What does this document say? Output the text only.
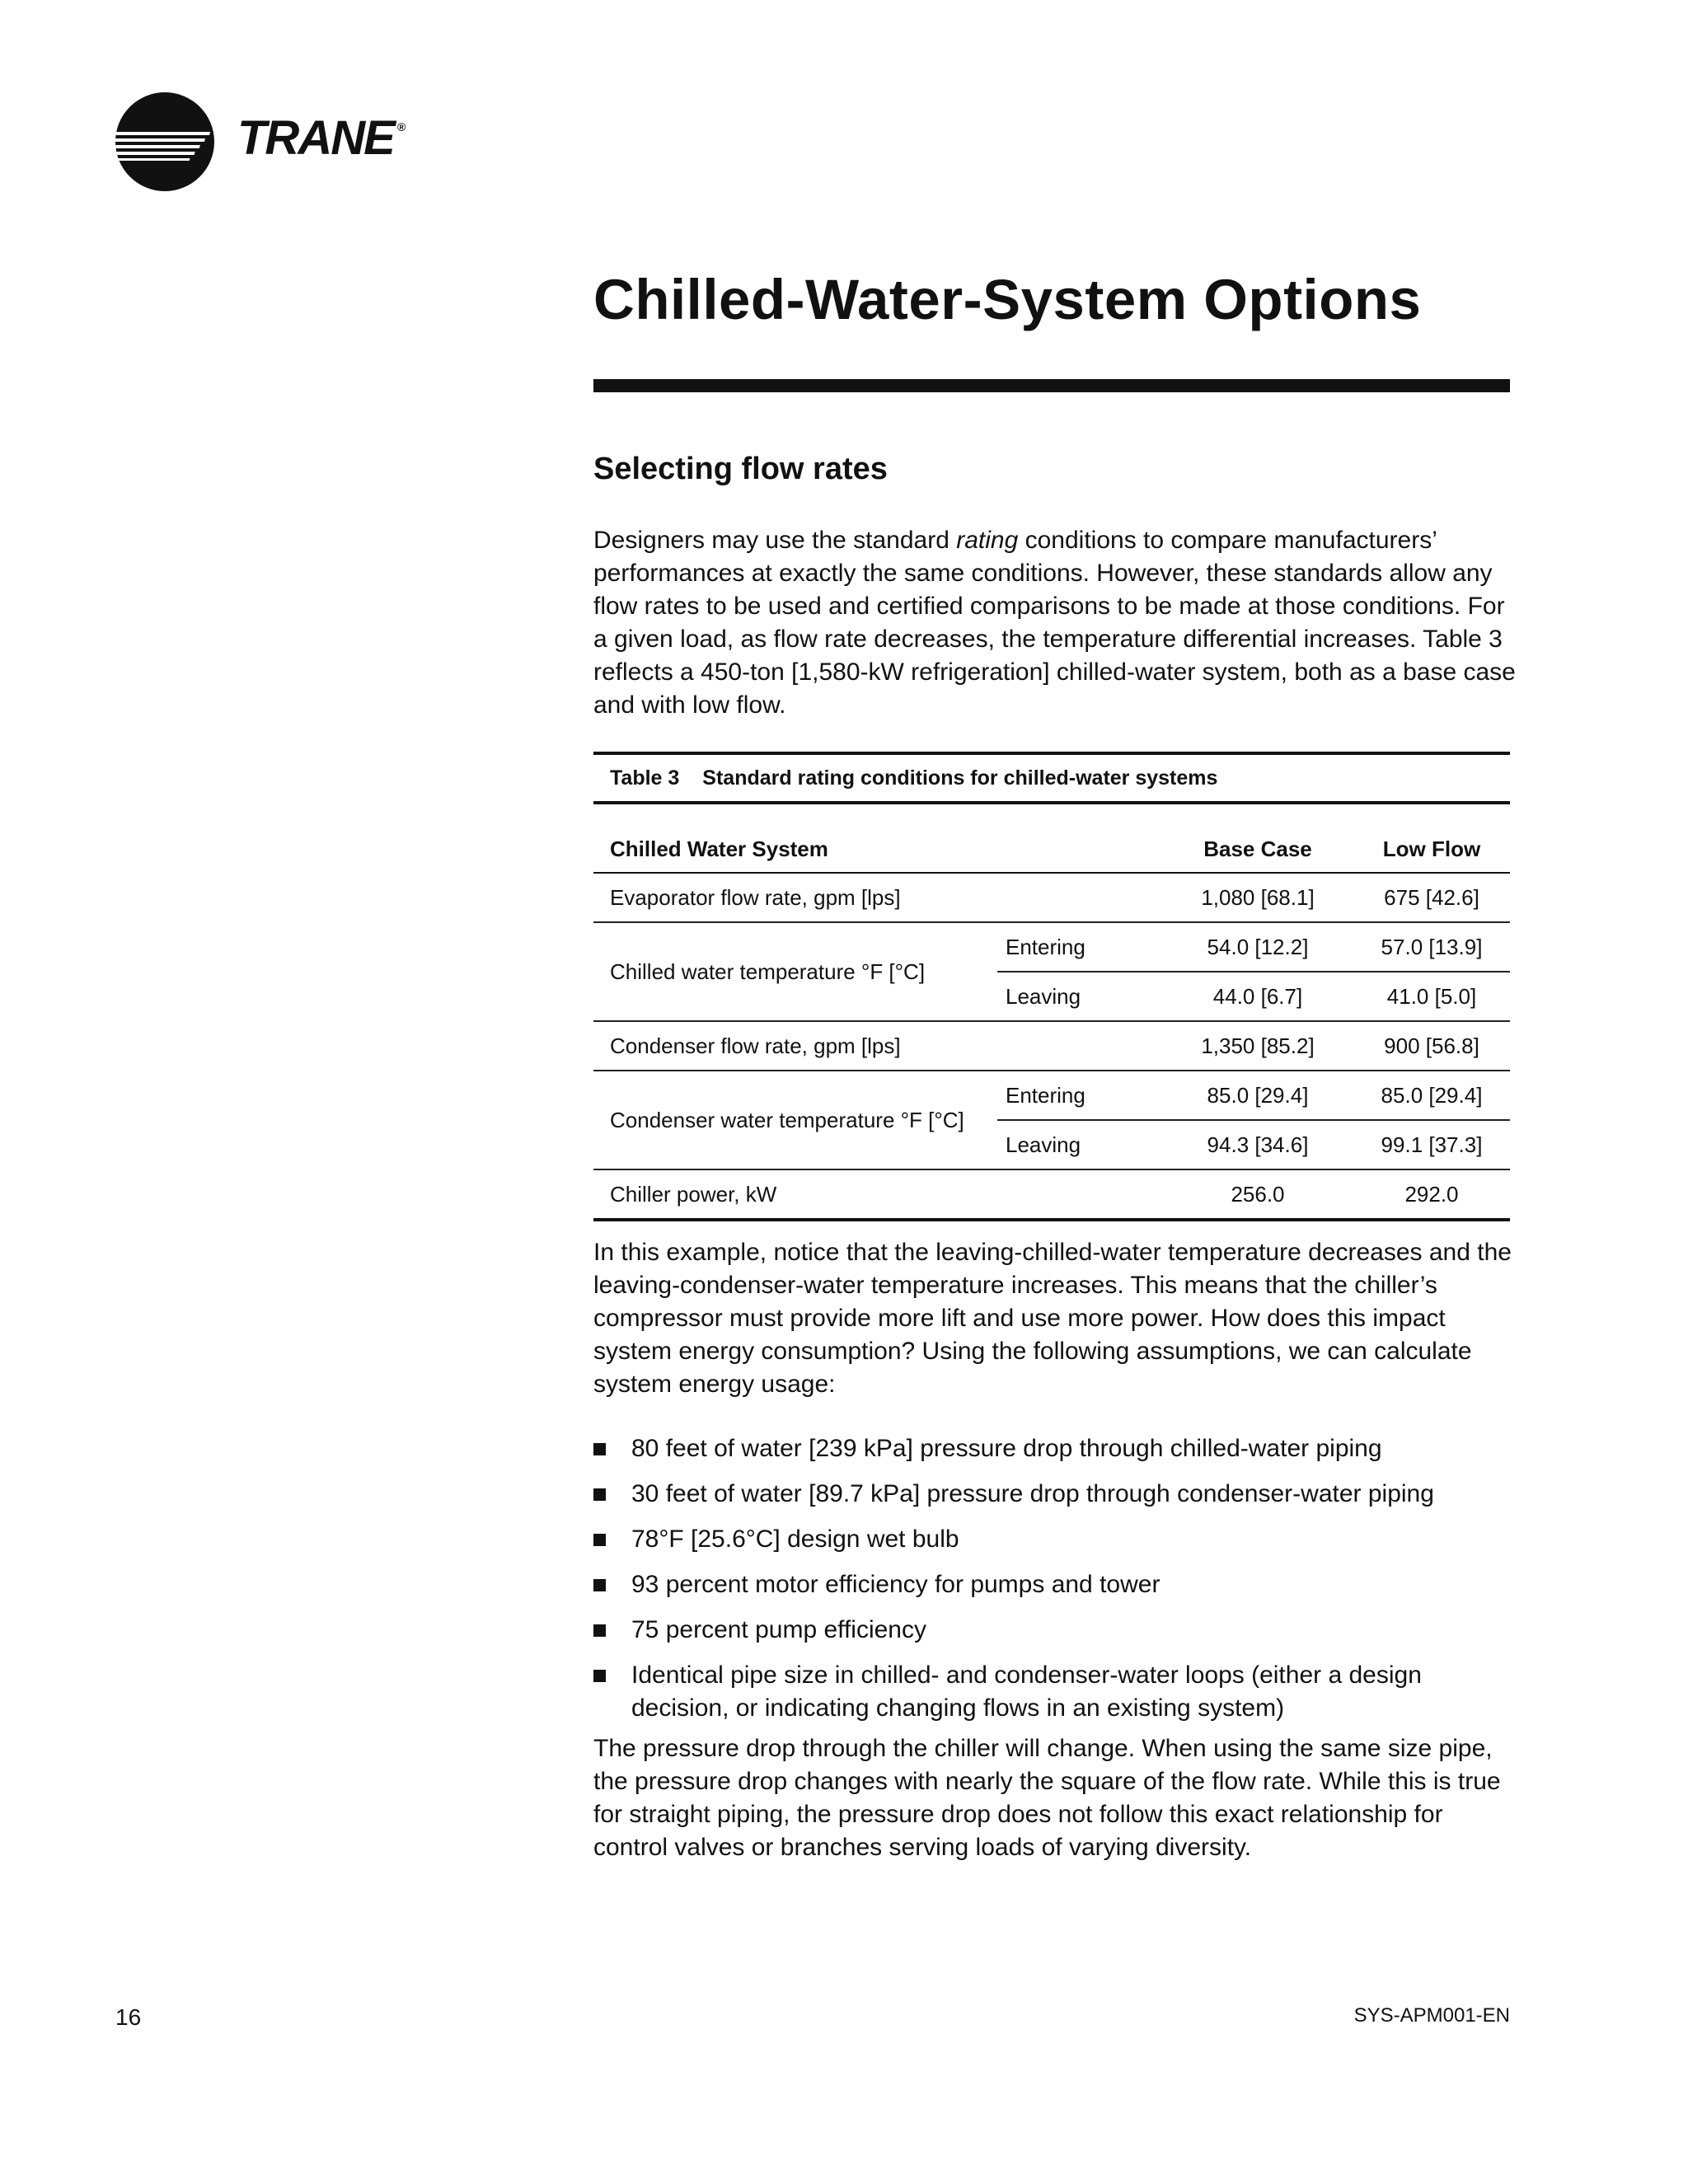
TRANE ®
Chilled-Water-System Options
Selecting flow rates

Designers may use the standard rating conditions to compare manufacturers’ performances at exactly the same conditions. However, these standards allow any flow rates to be used and certified comparisons to be made at those conditions. For a given load, as flow rate decreases, the temperature differential increases. Table 3 reflects a 450-ton [1,580-kW refrigeration] chilled-water system, both as a base case and with low flow.

Table 3 Standard rating conditions for chilled-water systems
Chilled Water System		Base Case	Low Flow
Evaporator flow rate, gpm [lps]		1,080 [68.1]	675 [42.6]
Chilled water temperature °F [°C]	Entering	54.0 [12.2]	57.0 [13.9]
	Leaving	44.0 [6.7]	41.0 [5.0]
Condenser flow rate, gpm [lps]		1,350 [85.2]	900 [56.8]
Condenser water temperature °F [°C]	Entering	85.0 [29.4]	85.0 [29.4]
	Leaving	94.3 [34.6]	99.1 [37.3]
Chiller power, kW		256.0	292.0

In this example, notice that the leaving-chilled-water temperature decreases and the leaving-condenser-water temperature increases. This means that the chiller’s compressor must provide more lift and use more power. How does this impact system energy consumption? Using the following assumptions, we can calculate system energy usage:

80 feet of water [239 kPa] pressure drop through chilled-water piping
30 feet of water [89.7 kPa] pressure drop through condenser-water piping
78°F [25.6°C] design wet bulb
93 percent motor efficiency for pumps and tower
75 percent pump efficiency
Identical pipe size in chilled- and condenser-water loops (either a design decision, or indicating changing flows in an existing system)

The pressure drop through the chiller will change. When using the same size pipe, the pressure drop changes with nearly the square of the flow rate. While this is true for straight piping, the pressure drop does not follow this exact relationship for control valves or branches serving loads of varying diversity.

16	SYS-APM001-EN
